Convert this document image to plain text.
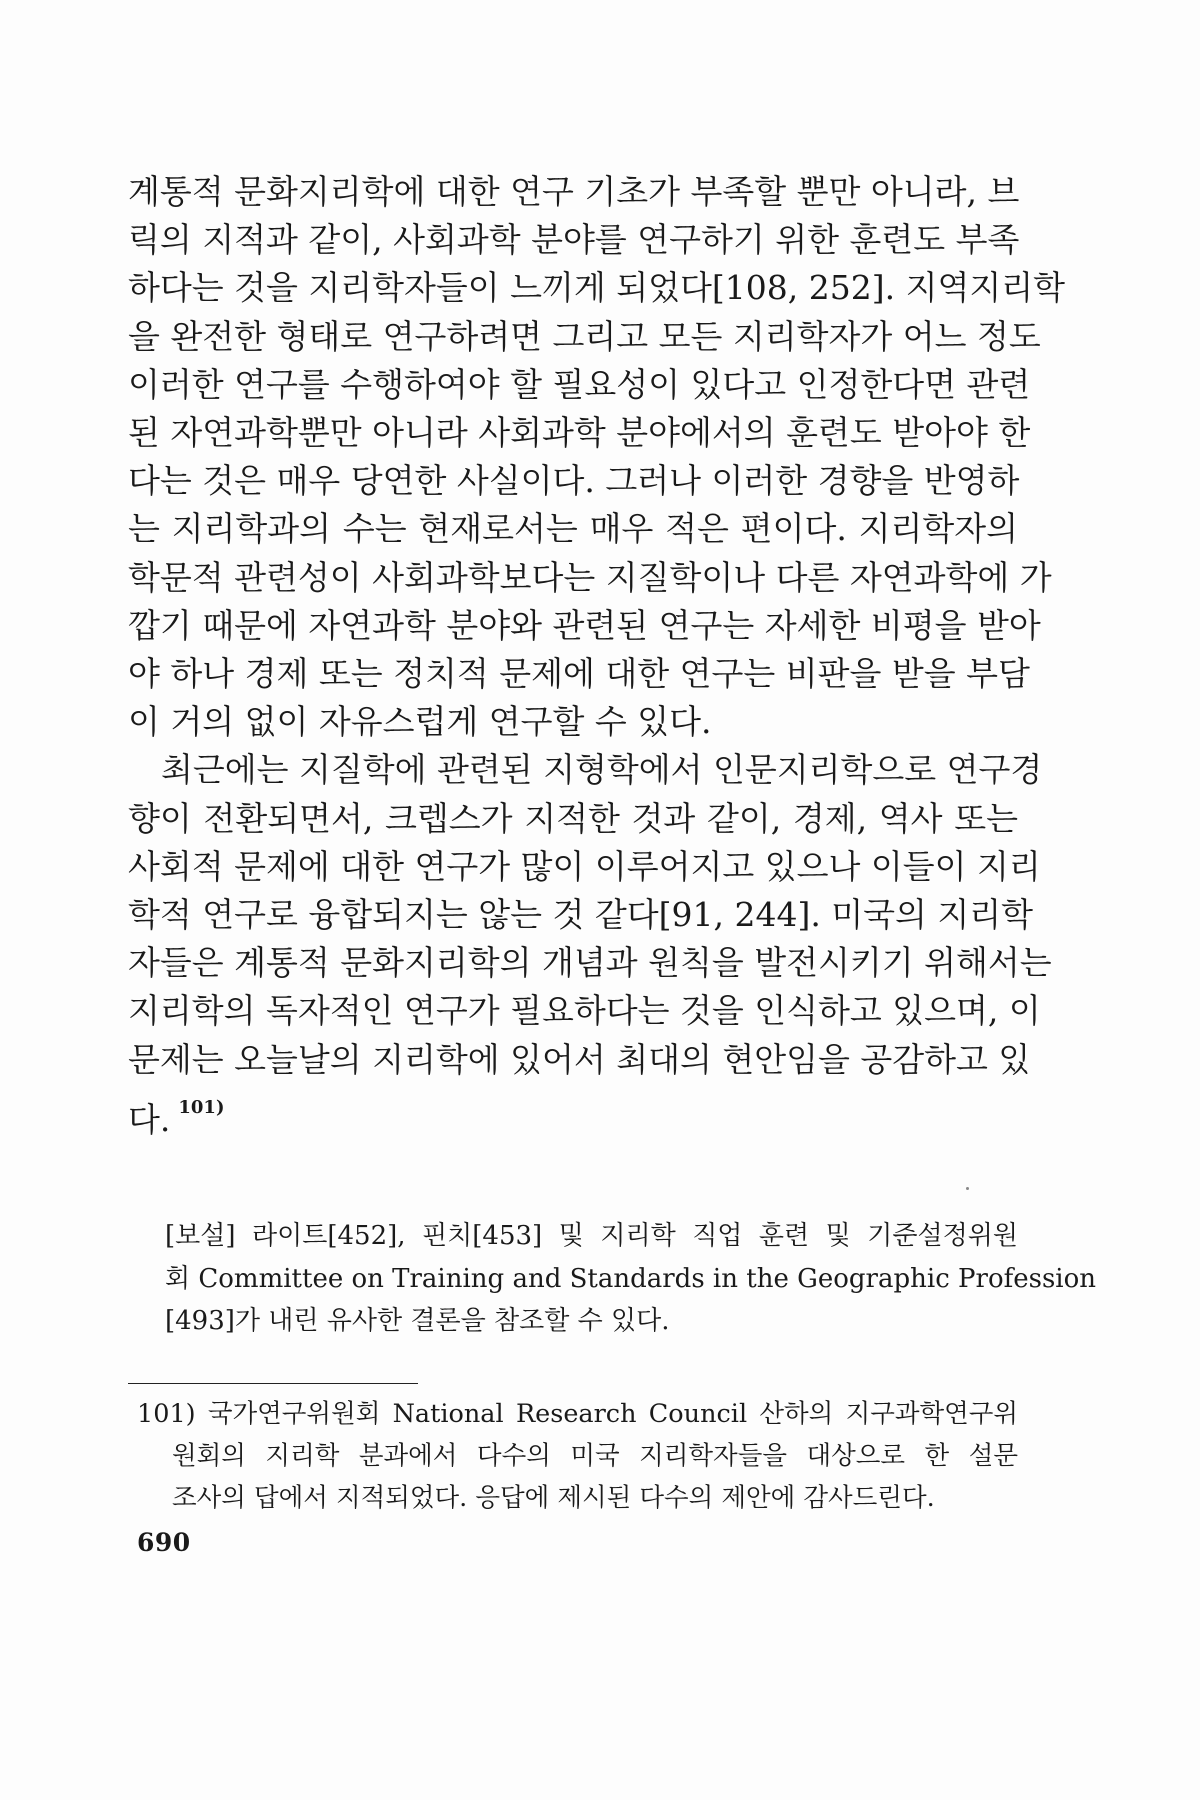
계통적 문화지리학에 대한 연구 기초가 부족할 뿐만 아니라, 브
릭의 지적과 같이, 사회과학 분야를 연구하기 위한 훈련도 부족
하다는 것을 지리학자들이 느끼게 되었다[108, 252]. 지역지리학
을 완전한 형태로 연구하려면 그리고 모든 지리학자가 어느 정도
이러한 연구를 수행하여야 할 필요성이 있다고 인정한다면 관련
된 자연과학뿐만 아니라 사회과학 분야에서의 훈련도 받아야 한
다는 것은 매우 당연한 사실이다. 그러나 이러한 경향을 반영하
는 지리학과의 수는 현재로서는 매우 적은 편이다. 지리학자의
학문적 관련성이 사회과학보다는 지질학이나 다른 자연과학에 가
깝기 때문에 자연과학 분야와 관련된 연구는 자세한 비평을 받아
야 하나 경제 또는 정치적 문제에 대한 연구는 비판을 받을 부담
이 거의 없이 자유스럽게 연구할 수 있다.
최근에는 지질학에 관련된 지형학에서 인문지리학으로 연구경
향이 전환되면서, 크렙스가 지적한 것과 같이, 경제, 역사 또는
사회적 문제에 대한 연구가 많이 이루어지고 있으나 이들이 지리
학적 연구로 융합되지는 않는 것 같다[91, 244]. 미국의 지리학
자들은 계통적 문화지리학의 개념과 원칙을 발전시키기 위해서는
지리학의 독자적인 연구가 필요하다는 것을 인식하고 있으며, 이
문제는 오늘날의 지리학에 있어서 최대의 현안임을 공감하고 있
다. $^{101)}$
[보설] 라이트[452], 핀치[453] 및 지리학 직업 훈련 및 기준설정위원
회 Committee on Training and Standards in the Geographic Profession
[493]가 내린 유사한 결론을 참조할 수 있다.
101) 국가연구위원회 National Research Council 산하의 지구과학연구위
원회의 지리학 분과에서 다수의 미국 지리학자들을 대상으로 한 설문
조사의 답에서 지적되었다. 응답에 제시된 다수의 제안에 감사드린다.
690
